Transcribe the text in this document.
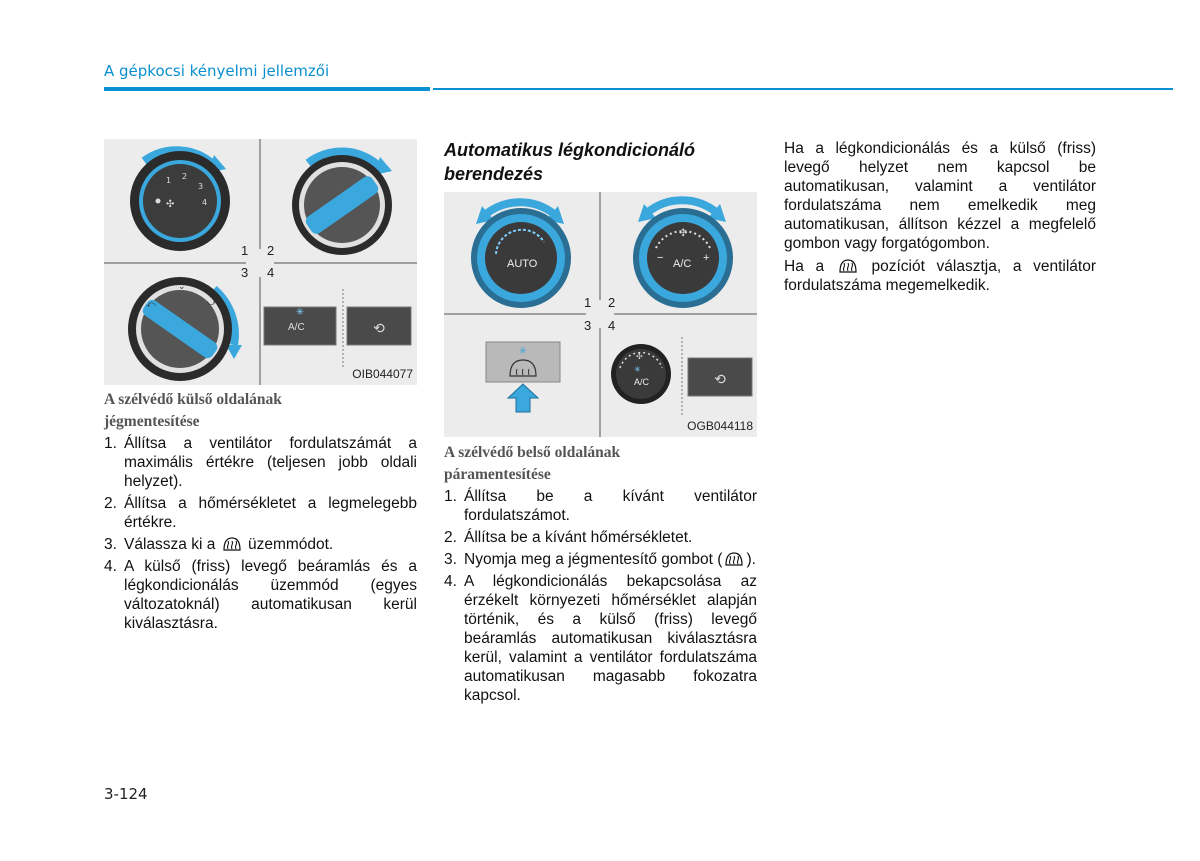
A gépkocsi kényelmi jellemzői
1 2
3
4
✣
1 2
3 4
⤺
⌄
⤻
✳
⟲
A/C
OIB044077
A szélvédő külső oldalának
jégmentesítése
1. Állítsa a ventilátor fordulatszámát a maximális értékre (teljesen jobb oldali helyzet).
2. Állítsa a hőmérsékletet a legmelegebb értékre.
3. Válassza ki a üzemmódot.
4. A külső (friss) levegő beáramlás és a légkondicionálás üzemmód (egyes változatoknál) automatikusan kerül kiválasztásra.
Automatikus légkondicionáló
berendezés
✣
1 2
3 4
✳	✣
✳
⟲
AUTO	A/C
−	+
A/C
OGB044118
A szélvédő belső oldalának
páramentesítése
1. Állítsa be a kívánt ventilátor fordulatszámot.
2. Állítsa be a kívánt hőmérsékletet.
3. Nyomja meg a jégmentesítő gombot ( ).
4. A légkondicionálás bekapcsolása az érzékelt környezeti hőmérséklet alapján történik, és a külső (friss) levegő beáramlás automatikusan kiválasztásra kerül, valamint a ventilátor fordulatszáma automatikusan magasabb fokozatra kapcsol.

Ha a légkondicionálás és a külső (friss) levegő helyzet nem kapcsol be automatikusan, valamint a ventilátor fordulatszáma nem emelkedik meg automatikusan, állítson kézzel a megfelelő gombon vagy forgatógombon.

Ha a	pozíciót választja, a ventilátor fordulatszáma megemelkedik.

3-124
